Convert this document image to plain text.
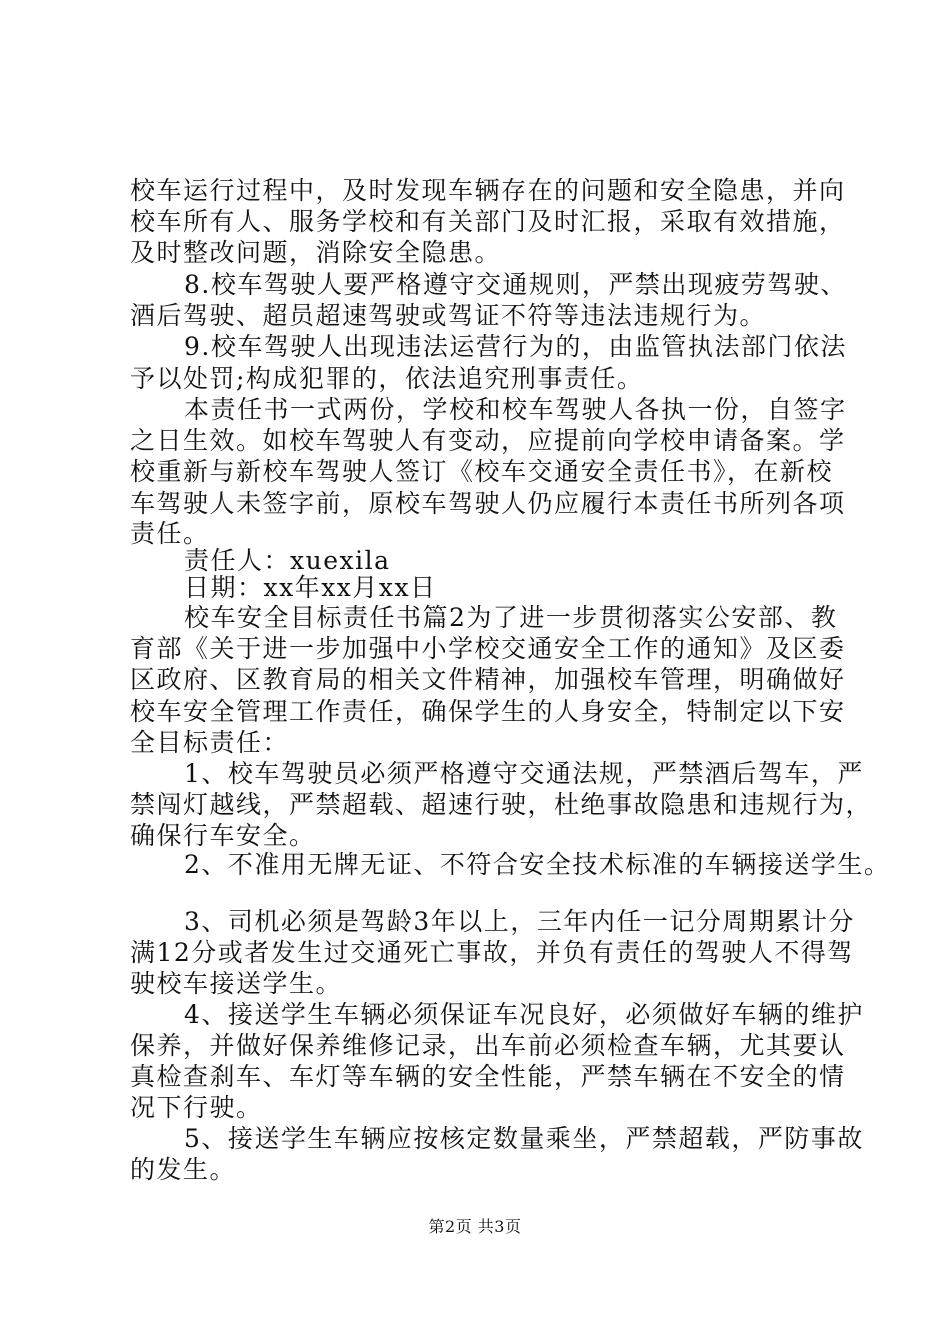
校车运行过程中，及时发现车辆存在的问题和安全隐患，并向
校车所有人、服务学校和有关部门及时汇报，采取有效措施，
及时整改问题，消除安全隐患。
8.校车驾驶人要严格遵守交通规则，严禁出现疲劳驾驶、
酒后驾驶、超员超速驾驶或驾证不符等违法违规行为。
9.校车驾驶人出现违法运营行为的，由监管执法部门依法
予以处罚;构成犯罪的，依法追究刑事责任。
本责任书一式两份，学校和校车驾驶人各执一份，自签字
之日生效。如校车驾驶人有变动，应提前向学校申请备案。学
校重新与新校车驾驶人签订《校车交通安全责任书》，在新校
车驾驶人未签字前，原校车驾驶人仍应履行本责任书所列各项
责任。
责任人：xuexila
日期：xx年xx月xx日
校车安全目标责任书篇2为了进一步贯彻落实公安部、教
育部《关于进一步加强中小学校交通安全工作的通知》及区委
区政府、区教育局的相关文件精神，加强校车管理，明确做好
校车安全管理工作责任，确保学生的人身安全，特制定以下安
全目标责任：
1、校车驾驶员必须严格遵守交通法规，严禁酒后驾车，严
禁闯灯越线，严禁超载、超速行驶，杜绝事故隐患和违规行为，
确保行车安全。
2、不准用无牌无证、不符合安全技术标准的车辆接送学生。
3、司机必须是驾龄3年以上，三年内任一记分周期累计分
满12分或者发生过交通死亡事故，并负有责任的驾驶人不得驾
驶校车接送学生。
4、接送学生车辆必须保证车况良好，必须做好车辆的维护
保养，并做好保养维修记录，出车前必须检查车辆，尤其要认
真检查刹车、车灯等车辆的安全性能，严禁车辆在不安全的情
况下行驶。
5、接送学生车辆应按核定数量乘坐，严禁超载，严防事故
的发生。
第2页 共3页
